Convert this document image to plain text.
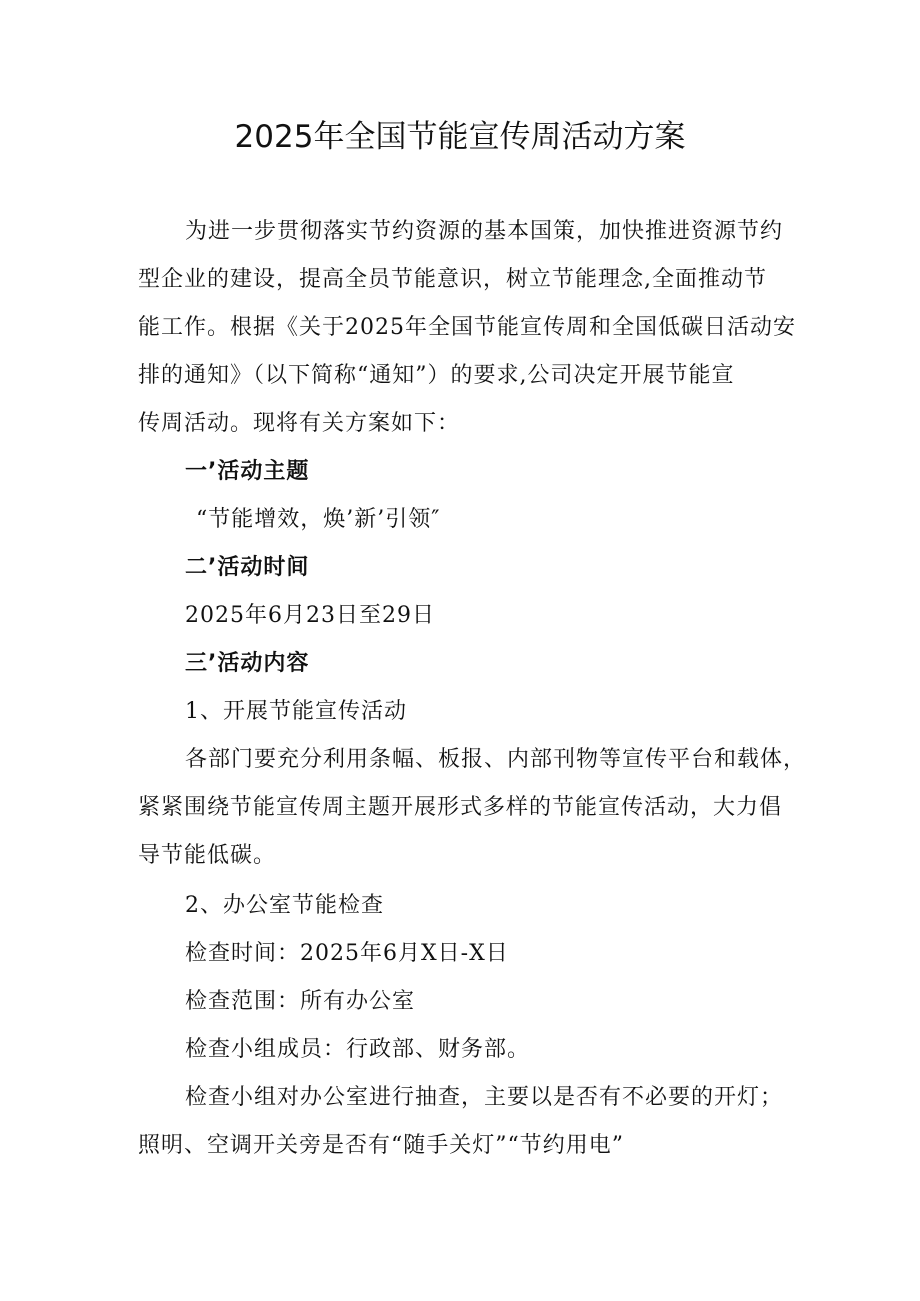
2025年全国节能宣传周活动方案
为进一步贯彻落实节约资源的基本国策，加快推进资源节约
型企业的建设，提高全员节能意识，树立节能理念,全面推动节
能工作。根据《关于2025年全国节能宣传周和全国低碳日活动安
排的通知》（以下简称“通知”）的要求,公司决定开展节能宣
传周活动。现将有关方案如下：
一’活动主题
“节能增效，焕’新’引领″
二’活动时间
2025年6月23日至29日
三’活动内容
1、开展节能宣传活动
各部门要充分利用条幅、板报、内部刊物等宣传平台和载体，
紧紧围绕节能宣传周主题开展形式多样的节能宣传活动，大力倡
导节能低碳。
2、办公室节能检查
检查时间：2025年6月X日-X日
检查范围：所有办公室
检查小组成员：行政部、财务部。
检查小组对办公室进行抽查，主要以是否有不必要的开灯；
照明、空调开关旁是否有“随手关灯”“节约用电”
